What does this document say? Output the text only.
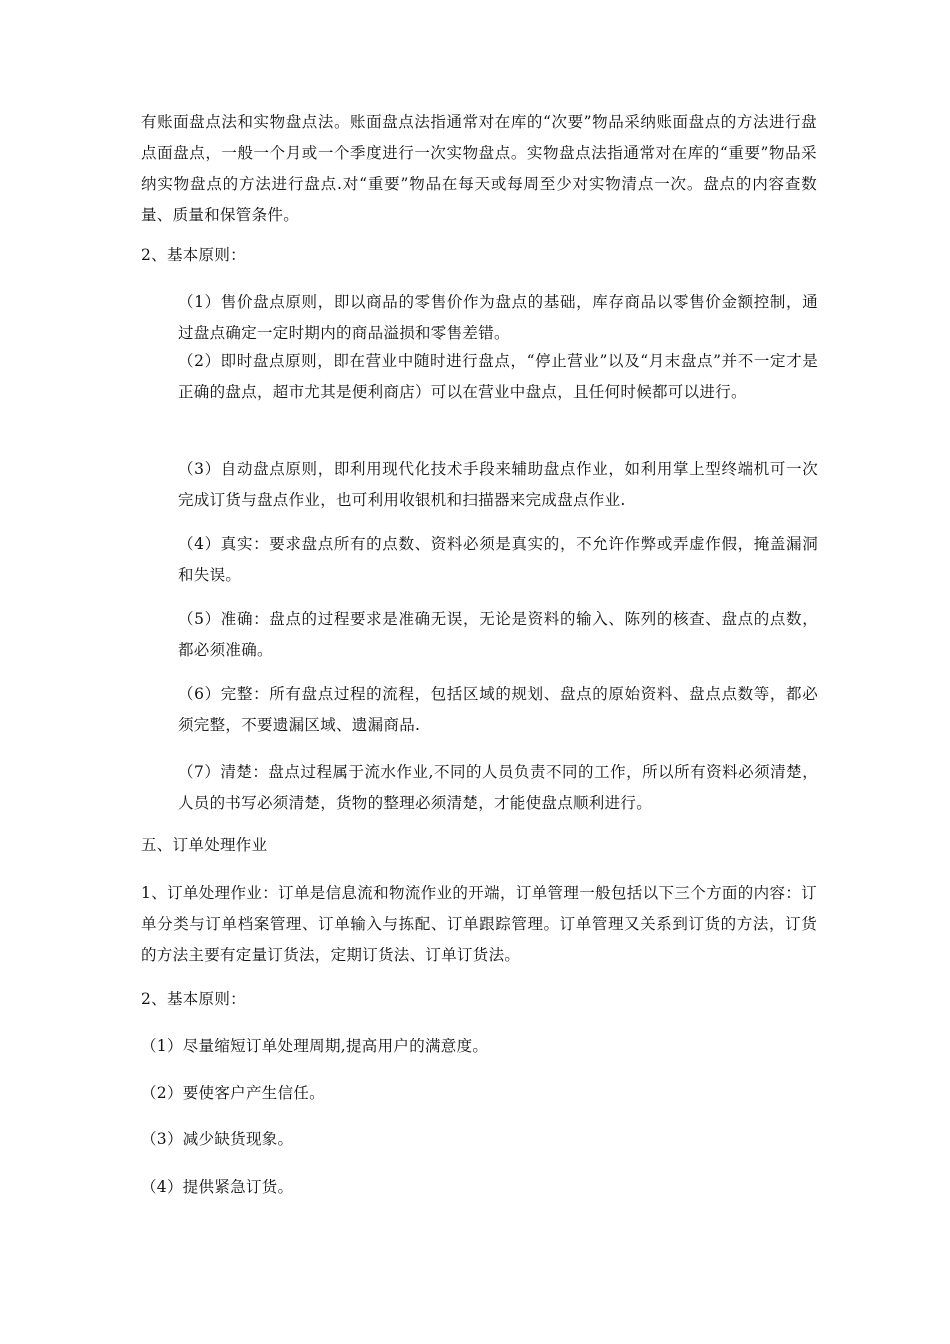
有账面盘点法和实物盘点法。账面盘点法指通常对在库的“次要”物品采纳账面盘点的方法进行盘点面盘点，一般一个月或一个季度进行一次实物盘点。实物盘点法指通常对在库的“重要”物品采纳实物盘点的方法进行盘点.对“重要”物品在每天或每周至少对实物清点一次。盘点的内容查数量、质量和保管条件。

2、基本原则：

（1）售价盘点原则，即以商品的零售价作为盘点的基础，库存商品以零售价金额控制，通过盘点确定一定时期内的商品溢损和零售差错。

（2）即时盘点原则，即在营业中随时进行盘点，“停止营业”以及“月末盘点”并不一定才是正确的盘点，超市尤其是便利商店）可以在营业中盘点，且任何时候都可以进行。

（3）自动盘点原则，即利用现代化技术手段来辅助盘点作业，如利用掌上型终端机可一次完成订货与盘点作业，也可利用收银机和扫描器来完成盘点作业.

（4）真实：要求盘点所有的点数、资料必须是真实的，不允许作弊或弄虚作假，掩盖漏洞和失误。

（5）准确：盘点的过程要求是准确无误，无论是资料的输入、陈列的核查、盘点的点数，都必须准确。

（6）完整：所有盘点过程的流程，包括区域的规划、盘点的原始资料、盘点点数等，都必须完整，不要遗漏区域、遗漏商品.

（7）清楚：盘点过程属于流水作业,不同的人员负责不同的工作，所以所有资料必须清楚，人员的书写必须清楚，货物的整理必须清楚，才能使盘点顺利进行。

五、订单处理作业

1、订单处理作业：订单是信息流和物流作业的开端，订单管理一般包括以下三个方面的内容：订单分类与订单档案管理、订单输入与拣配、订单跟踪管理。订单管理又关系到订货的方法，订货的方法主要有定量订货法，定期订货法、订单订货法。

2、基本原则：

（1）尽量缩短订单处理周期,提高用户的满意度。

（2）要使客户产生信任。

（3）减少缺货现象。

（4）提供紧急订货。
